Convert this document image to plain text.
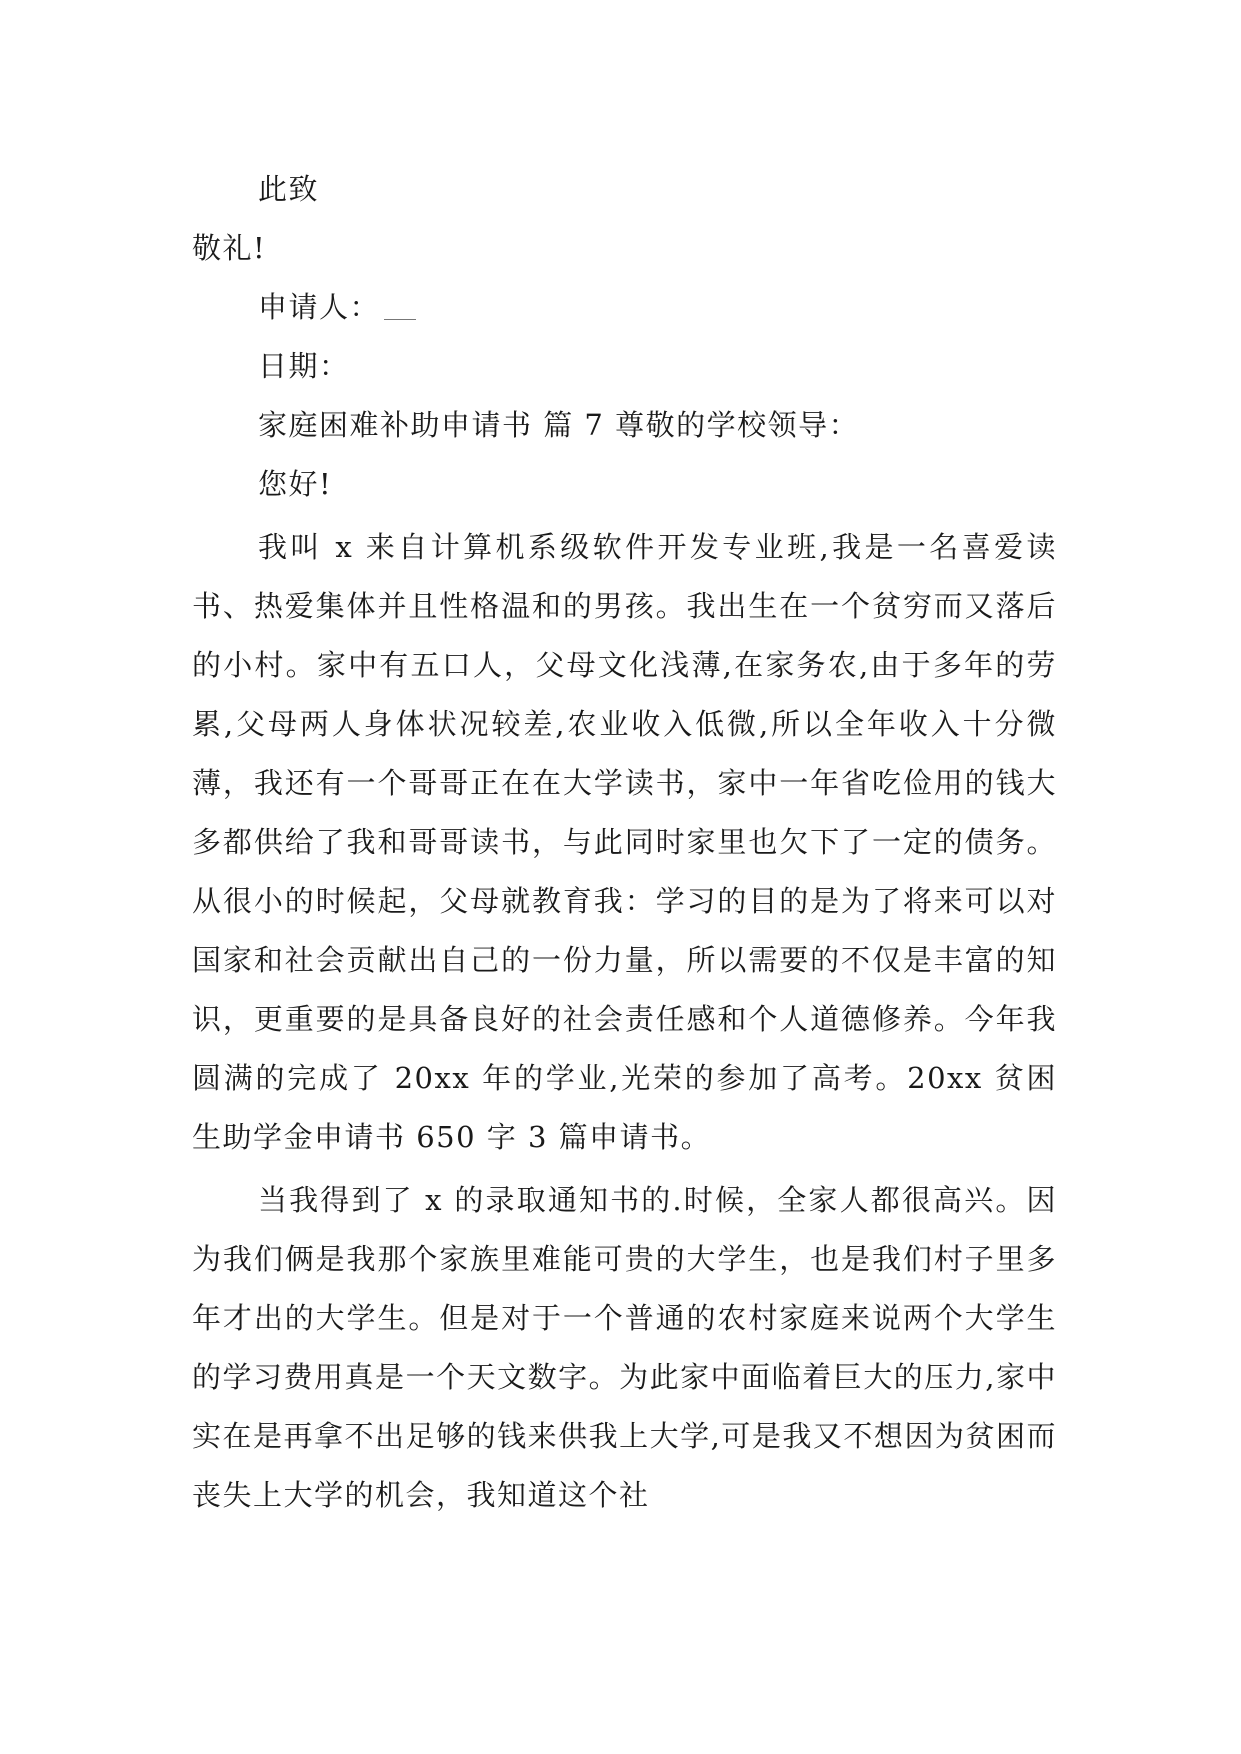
此致
敬礼!
申请人：
日期：
家庭困难补助申请书 篇 7 尊敬的学校领导：
您好!
我叫 x 来自计算机系级软件开发专业班,我是一名喜爱读书、热爱集体并且性格温和的男孩。我出生在一个贫穷而又落后的小村。家中有五口人，父母文化浅薄,在家务农,由于多年的劳累,父母两人身体状况较差,农业收入低微,所以全年收入十分微薄，我还有一个哥哥正在在大学读书，家中一年省吃俭用的钱大多都供给了我和哥哥读书，与此同时家里也欠下了一定的债务。从很小的时候起，父母就教育我：学习的目的是为了将来可以对国家和社会贡献出自己的一份力量，所以需要的不仅是丰富的知识，更重要的是具备良好的社会责任感和个人道德修养。今年我圆满的完成了 20xx 年的学业,光荣的参加了高考。20xx 贫困生助学金申请书 650 字 3 篇申请书。
当我得到了 x 的录取通知书的.时候，全家人都很高兴。因为我们俩是我那个家族里难能可贵的大学生，也是我们村子里多年才出的大学生。但是对于一个普通的农村家庭来说两个大学生的学习费用真是一个天文数字。为此家中面临着巨大的压力,家中实在是再拿不出足够的钱来供我上大学,可是我又不想因为贫困而丧失上大学的机会，我知道这个社
